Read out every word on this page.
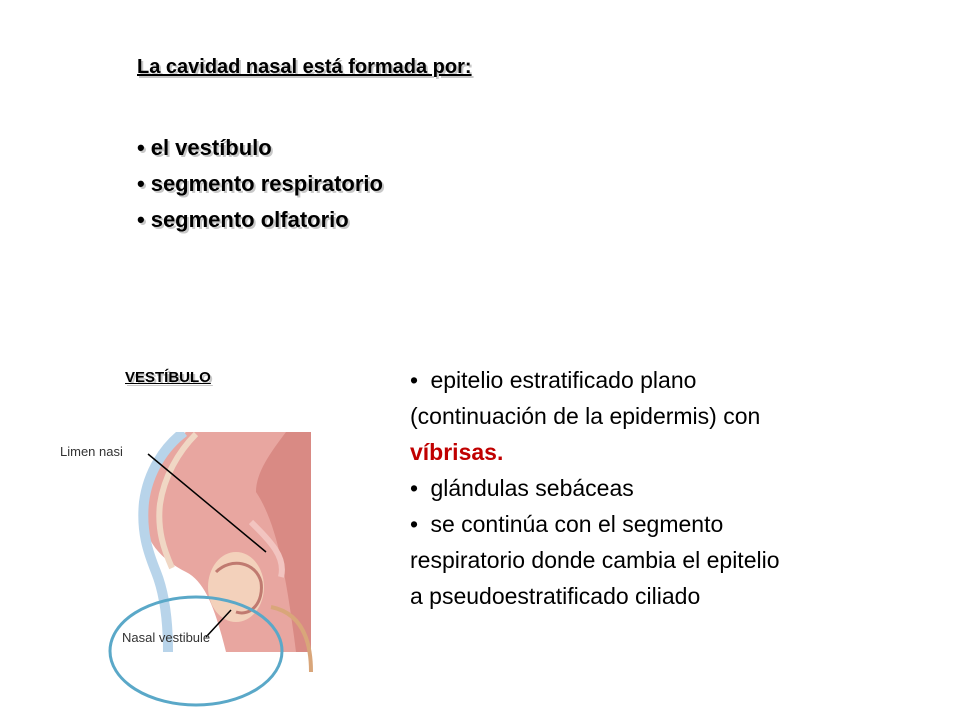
La cavidad nasal está formada por:
• el vestíbulo
• segmento respiratorio
• segmento olfatorio
VESTÍBULO
Limen nasi
Nasal vestibule

• epitelio estratificado plano

(continuación de la epidermis) con

víbrisas.

• glándulas sebáceas

• se continúa con el segmento

respiratorio donde cambia el epitelio

a pseudoestratificado ciliado
